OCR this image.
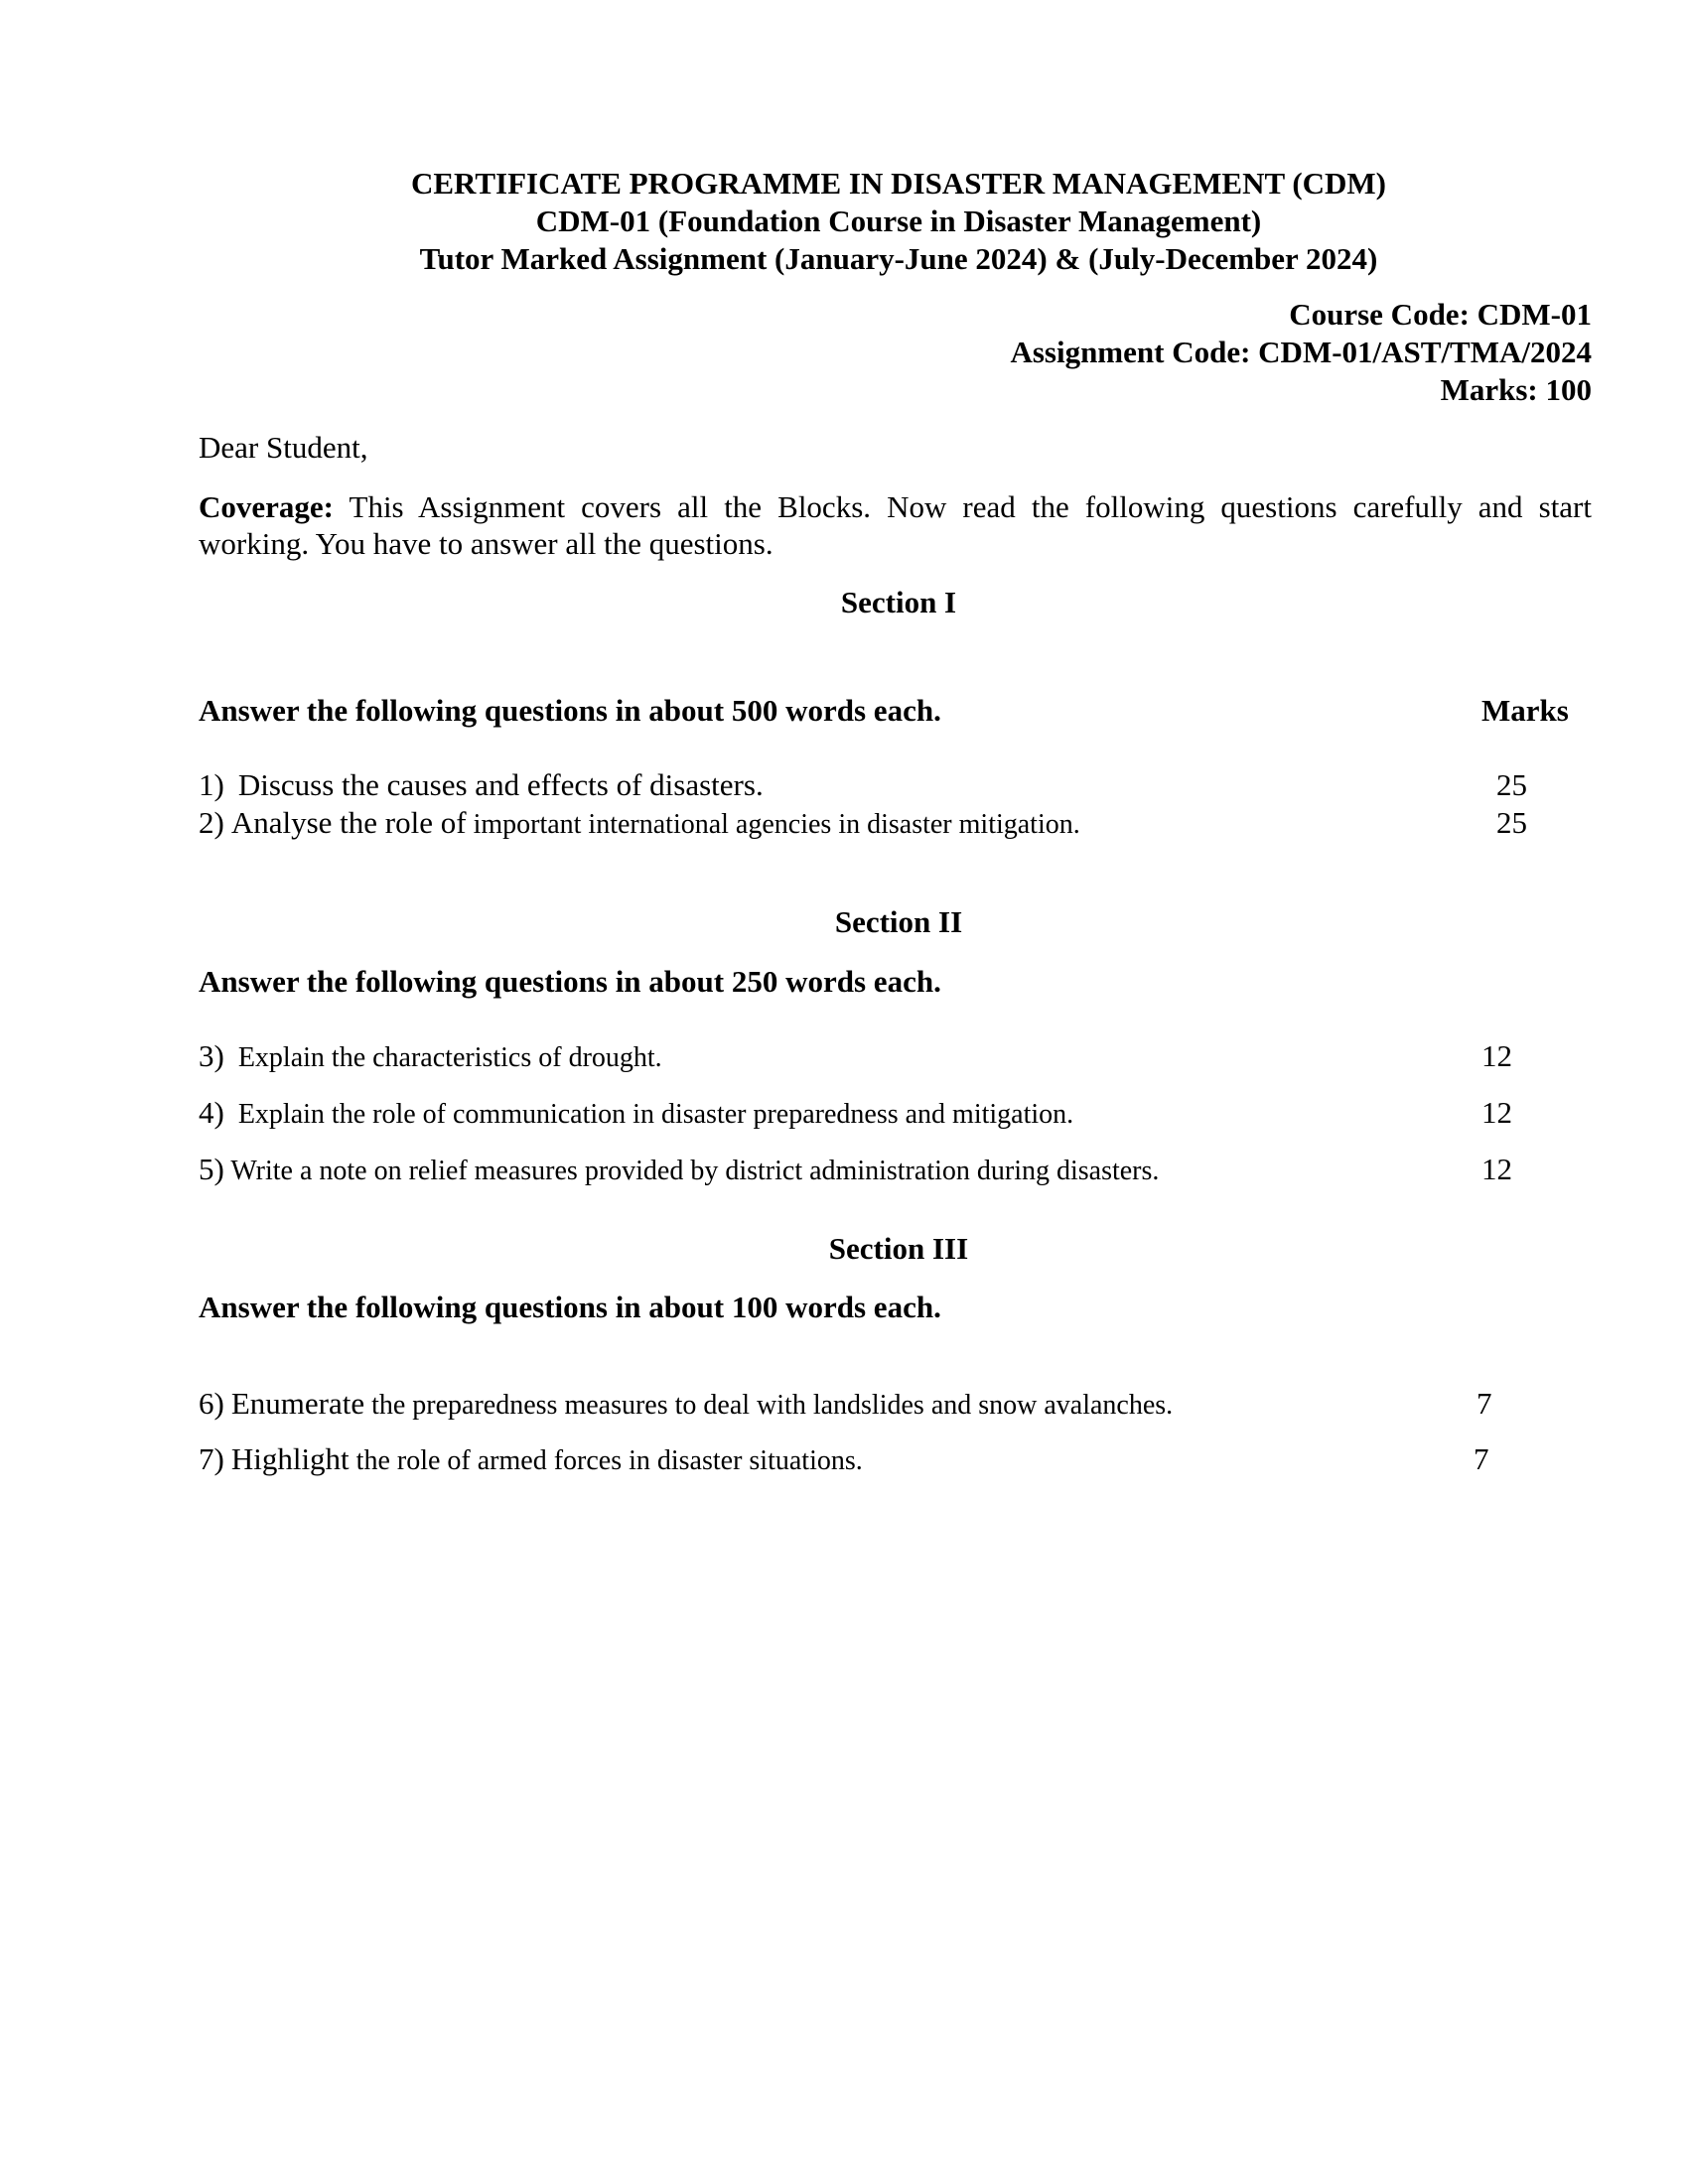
CERTIFICATE PROGRAMME IN DISASTER MANAGEMENT (CDM)
CDM-01 (Foundation Course in Disaster Management)
Tutor Marked Assignment (January-June 2024) & (July-December 2024)
Course Code: CDM-01
Assignment Code: CDM-01/AST/TMA/2024
Marks: 100
Dear Student,
Coverage: This Assignment covers all the Blocks. Now read the following questions carefully and start working. You have to answer all the questions.
Section I
Answer the following questions in about 500 words each.	Marks
1) Discuss the causes and effects of disasters.	25
2) Analyse the role of important international agencies in disaster mitigation.	25
Section II
Answer the following questions in about 250 words each.
3) Explain the characteristics of drought.	12
4) Explain the role of communication in disaster preparedness and mitigation.	12
5) Write a note on relief measures provided by district administration during disasters.	12
Section III
Answer the following questions in about 100 words each.
6) Enumerate the preparedness measures to deal with landslides and snow avalanches.	7
7) Highlight the role of armed forces in disaster situations.	7
